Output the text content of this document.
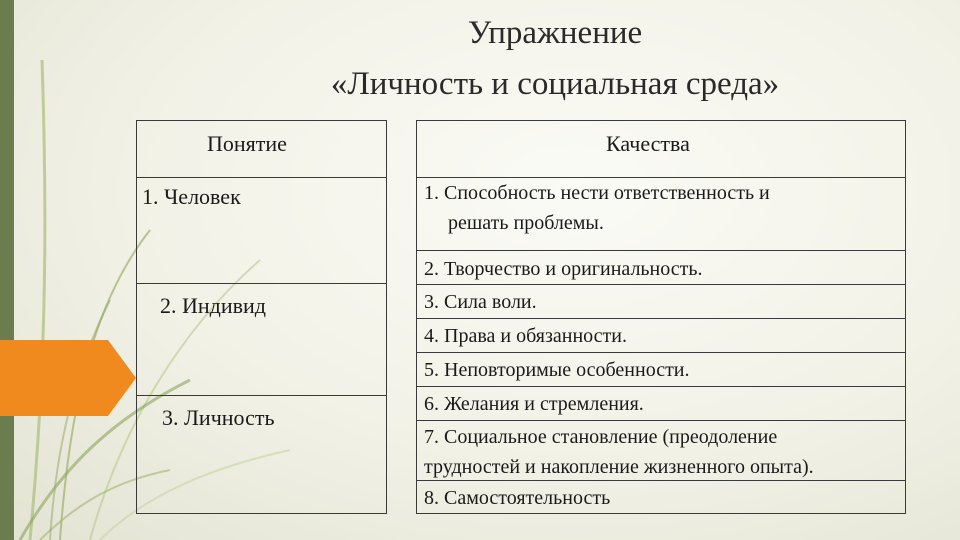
Упражнение
«Личность и социальная среда»
Понятие
1. Человек
2. Индивид
3. Личность
Качества
1. Способность нести ответственность и
решать проблемы.
2. Творчество и оригинальность.
3. Сила воли.
4. Права и обязанности.
5. Неповторимые особенности.
6. Желания и стремления.
7. Социальное становление (преодоление
трудностей и накопление жизненного опыта).
8. Самостоятельность
